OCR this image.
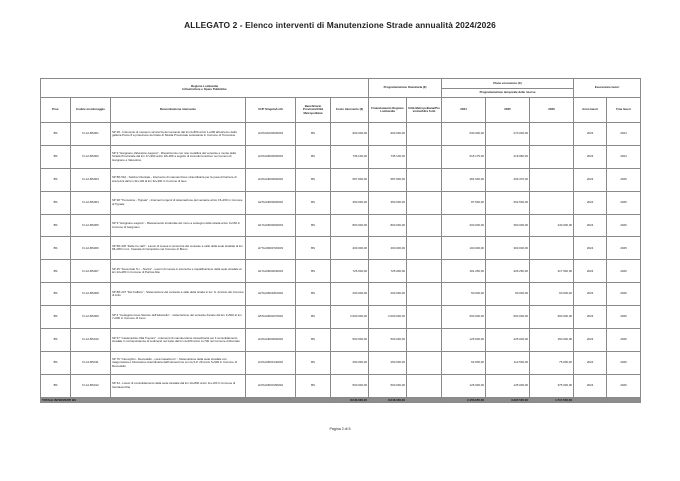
ALLEGATO 2 - Elenco interventi di Manutenzione Strade annualità 2024/2026
Regione Lombardia
Infrastrutture e Opere Pubbliche						Programmazione finanziaria (€)		Piano economico (€)			Esecuzione lavori	
								Programmazione temporale delle risorse				
Prov.	Codice monitoraggio	Denominazione intervento	CUP Singolo/Lotti	Beneficiario Provincia/Città Metropolitana	Costo intervento (€)	Finanziamento Regione Lombardia	Città Metropolitana/Pro vincia/Altre fonti	2024	2025	2026	Anno lavori	Fine lavori
BS	FI-12-BS001	SP 28 - Intervento di messa in sicurezza del versante dal km 0+800 al km 1+200 all'estremo della galleria Ponte 8 a protezione del tratto di Strada Provinciale sottostante in Comune di Tremosine	H47H21000030003	BS	900.000,00	900.000,00		630.000,00	270.000,00		2024	2024
BS	FI-12-BS002	SP 9 "Gargnano-Valvestino-Lagosù" - Rivestimento con rete metallica del versante a monte della Strada Provinciale dal km 17+900 al km 18+300 a seguito di incendio boschivo nei Comuni di Gargnano e Valvestino	H47H23000000003	BS	735.100,00	735.100,00		515.175,00	219.950,00		2024	2024
BS	FI-12-BS003	SP BS 510 - Sebina Orientale - Intervento di manutenzione straordinaria per la posa di barriere di sicurezza dal km 32+130 al km 32+300 in Comune di Iseo	H47H24000000002	BS	687.900,00	687.900,00		481.530,00	206.370,00		2024	2025
BS	FI-12-BS004	SP 38 "Tremosine - Tignale" - Interventi urgenti di sistemazione del versante al km 15+150 in Comune di Tignale	H27H24000000002	BS	350.000,00	350.000,00		87.500,00	262.500,00		2024	2025
BS	FI-12-BS005	SP 9 "Gargnano-Lagosù" - Risanamento strutturale del muro a sostegno della strada al km 0+150 in Comune di Gargnano	H17H23000000003	BS	800.000,00	800.000,00		200.000,00	360.000,00	240.000,00	2024	2026
BS	FI-12-BS006	SP BS 345 "Delle tre valli" - Lavori di messa in sicurezza del versante a valle della sede stradale al km 68+450 in loc. Cascata di Campolaro nel Comune di Breno	H77H23000720003	BS	400.000,00	400.000,00		100.000,00	300.000,00		2024	2025
BS	FI-12-BS007	SP 25 "Sovenzale S.I. - Nozza" - Lavori di messa in sicurezza e riqualificazione della sede stradale al km 22+280 in Comune di Pertica Alta	H17H23000640003	BS	725.000,00	725.000,00		181.250,00	326.250,00	217.500,00	2024	2026
BS	FI-12-BS008	SP BS 237 "Del Caffaro" - Sistemazione del versante a valle della strada in loc. S. Antonio del Comune di Anfo	H27H23001810002	BS	200.000,00	200.000,00		50.000,00	90.000,00	60.000,00	2024	2026
BS	FI-12-BS009	SP 6 "Cedegolo-Cevo-Saviore dell'Adamello" - sistemazione del versante franato dal km 3+500 al km 7+000 in Comune di Cevo	H57H23000270002	BS	2.000.000,00	2.000.000,00		500.000,00	900.000,00	600.000,00	2024	2026
BS	FI-12-BS010	SP 67 "Castenedolo-Villa Trepont" - Interventi di manutenzione straordinaria per il consolidamento stradale in corrispondenza di cedimenti nel tratto dal km 4+000 al km 4+700 nel Comune di Rezzato	H47H24000000002	BS	500.000,00	500.000,00		125.000,00	225.000,00	150.000,00	2024	2026
BS	FI-12-BS011	SP 76 "Camoghini - Remedello - voca Casalmoro" - Sistemazione della sede stradale con risagomatura e bitumatura straordinaria dall'intersezione con la S.P. 29 al km 5+900 in Comune di Remedello	H47H23000140002	BS	250.000,00	250.000,00		62.500,00	112.500,00	75.000,00	2024	2026
BS	FI-12-BS012	SP 64 - Lavori di consolidamento della sede stradale dal km 10+800 al km 11+100 in Comune di Verolavecchia	H47H23000150002	BS	500.000,00	500.000,00		125.000,00	125.000,00	375.000,00	2024	2026
TOTALE INTERVENTI BS					8.046.000,00	8.046.000,00		2.155.955,00	3.397.505,00	1.717.500,00		
Pagina 2 di 5
